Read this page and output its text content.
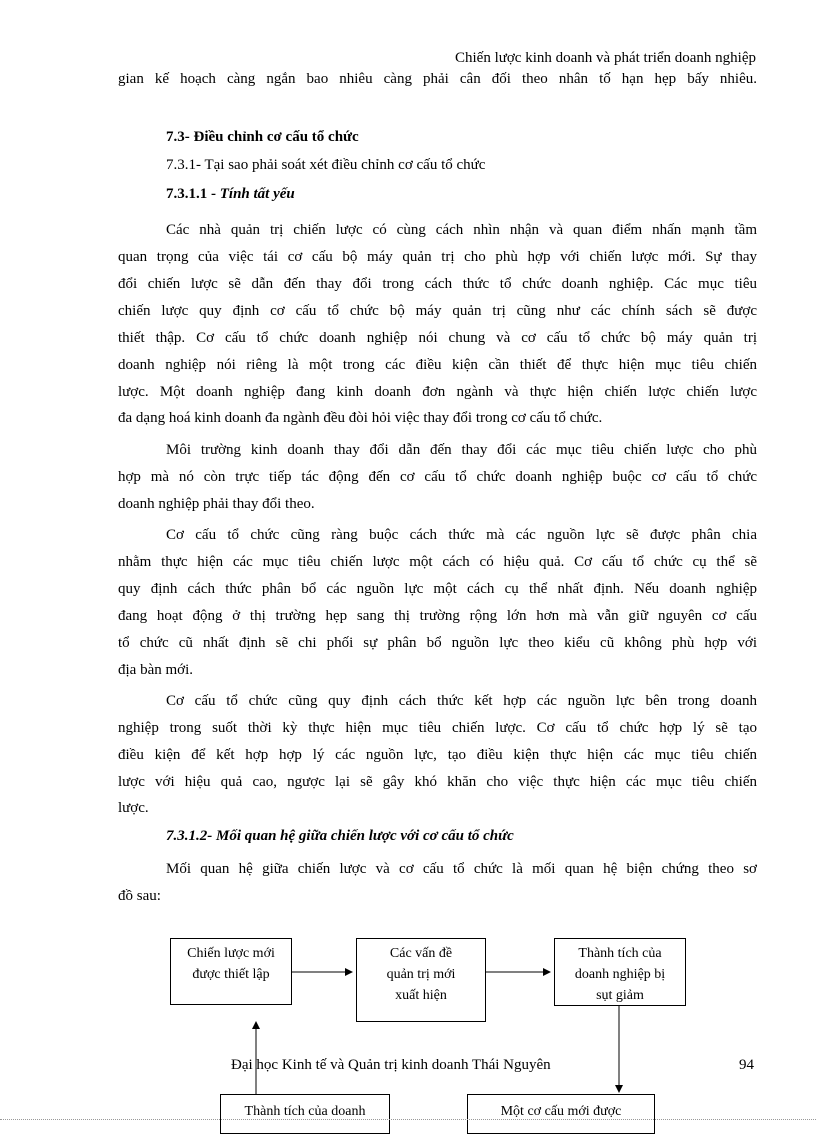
Chiến lược kinh doanh và phát triển doanh nghiệp
gian kế hoạch càng ngắn bao nhiêu càng phải cân đối theo nhân tố hạn hẹp bấy nhiêu.
7.3- Điều chỉnh cơ cấu tổ chức
7.3.1- Tại sao phải soát xét điều chỉnh cơ cấu tổ chức
7.3.1.1 - Tính tất yếu
Các nhà quản trị chiến lược có cùng cách nhìn nhận và quan điểm nhấn mạnh tầm
quan trọng của việc tái cơ cấu bộ máy quản trị cho phù hợp với chiến lược mới. Sự thay
đổi chiến lược sẽ dẫn đến thay đổi trong cách thức tổ chức doanh nghiệp. Các mục tiêu
chiến lược quy định cơ cấu tổ chức bộ máy quản trị cũng như các chính sách sẽ được
thiết thập. Cơ cấu tổ chức doanh nghiệp nói chung và cơ cấu tổ chức bộ máy quản trị
doanh nghiệp nói riêng là một trong các điều kiện cần thiết để thực hiện mục tiêu chiến
lược. Một doanh nghiệp đang kinh doanh đơn ngành và thực hiện chiến lược chiến lược
đa dạng hoá kinh doanh đa ngành đều đòi hỏi việc thay đổi trong cơ cấu tổ chức.
Môi trường kinh doanh thay đổi dẫn đến thay đổi các mục tiêu chiến lược cho phù
hợp mà nó còn trực tiếp tác động đến cơ cấu tổ chức doanh nghiệp buộc cơ cấu tổ chức
doanh nghiệp phải thay đổi theo.
Cơ cấu tổ chức cũng ràng buộc cách thức mà các nguồn lực sẽ được phân chia
nhằm thực hiện các mục tiêu chiến lược một cách có hiệu quả. Cơ cấu tổ chức cụ thể sẽ
quy định cách thức phân bổ các nguồn lực một cách cụ thể nhất định. Nếu doanh nghiệp
đang hoạt động ở thị trường hẹp sang thị trường rộng lớn hơn mà vẫn giữ nguyên cơ cấu
tổ chức cũ nhất định sẽ chi phối sự phân bổ nguồn lực theo kiểu cũ không phù hợp với
địa bàn mới.
Cơ cấu tổ chức cũng quy định cách thức kết hợp các nguồn lực bên trong doanh
nghiệp trong suốt thời kỳ thực hiện mục tiêu chiến lược. Cơ cấu tổ chức hợp lý sẽ tạo
điều kiện để kết hợp hợp lý các nguồn lực, tạo điều kiện thực hiện các mục tiêu chiến
lược với hiệu quả cao, ngược lại sẽ gây khó khăn cho việc thực hiện các mục tiêu chiến
lược.
7.3.1.2- Mối quan hệ giữa chiến lược với cơ cấu tổ chức
Mối quan hệ giữa chiến lược và cơ cấu tổ chức là mối quan hệ biện chứng theo sơ
đồ sau:
Chiến lược mới
được thiết lập
Các vấn đề
quản trị mới
xuất hiện
Thành tích của
doanh nghiệp bị
sụt giảm
Thành tích của doanh	Một cơ cấu mới được
Đại học Kinh tế và Quản trị kinh doanh Thái Nguyên	94
